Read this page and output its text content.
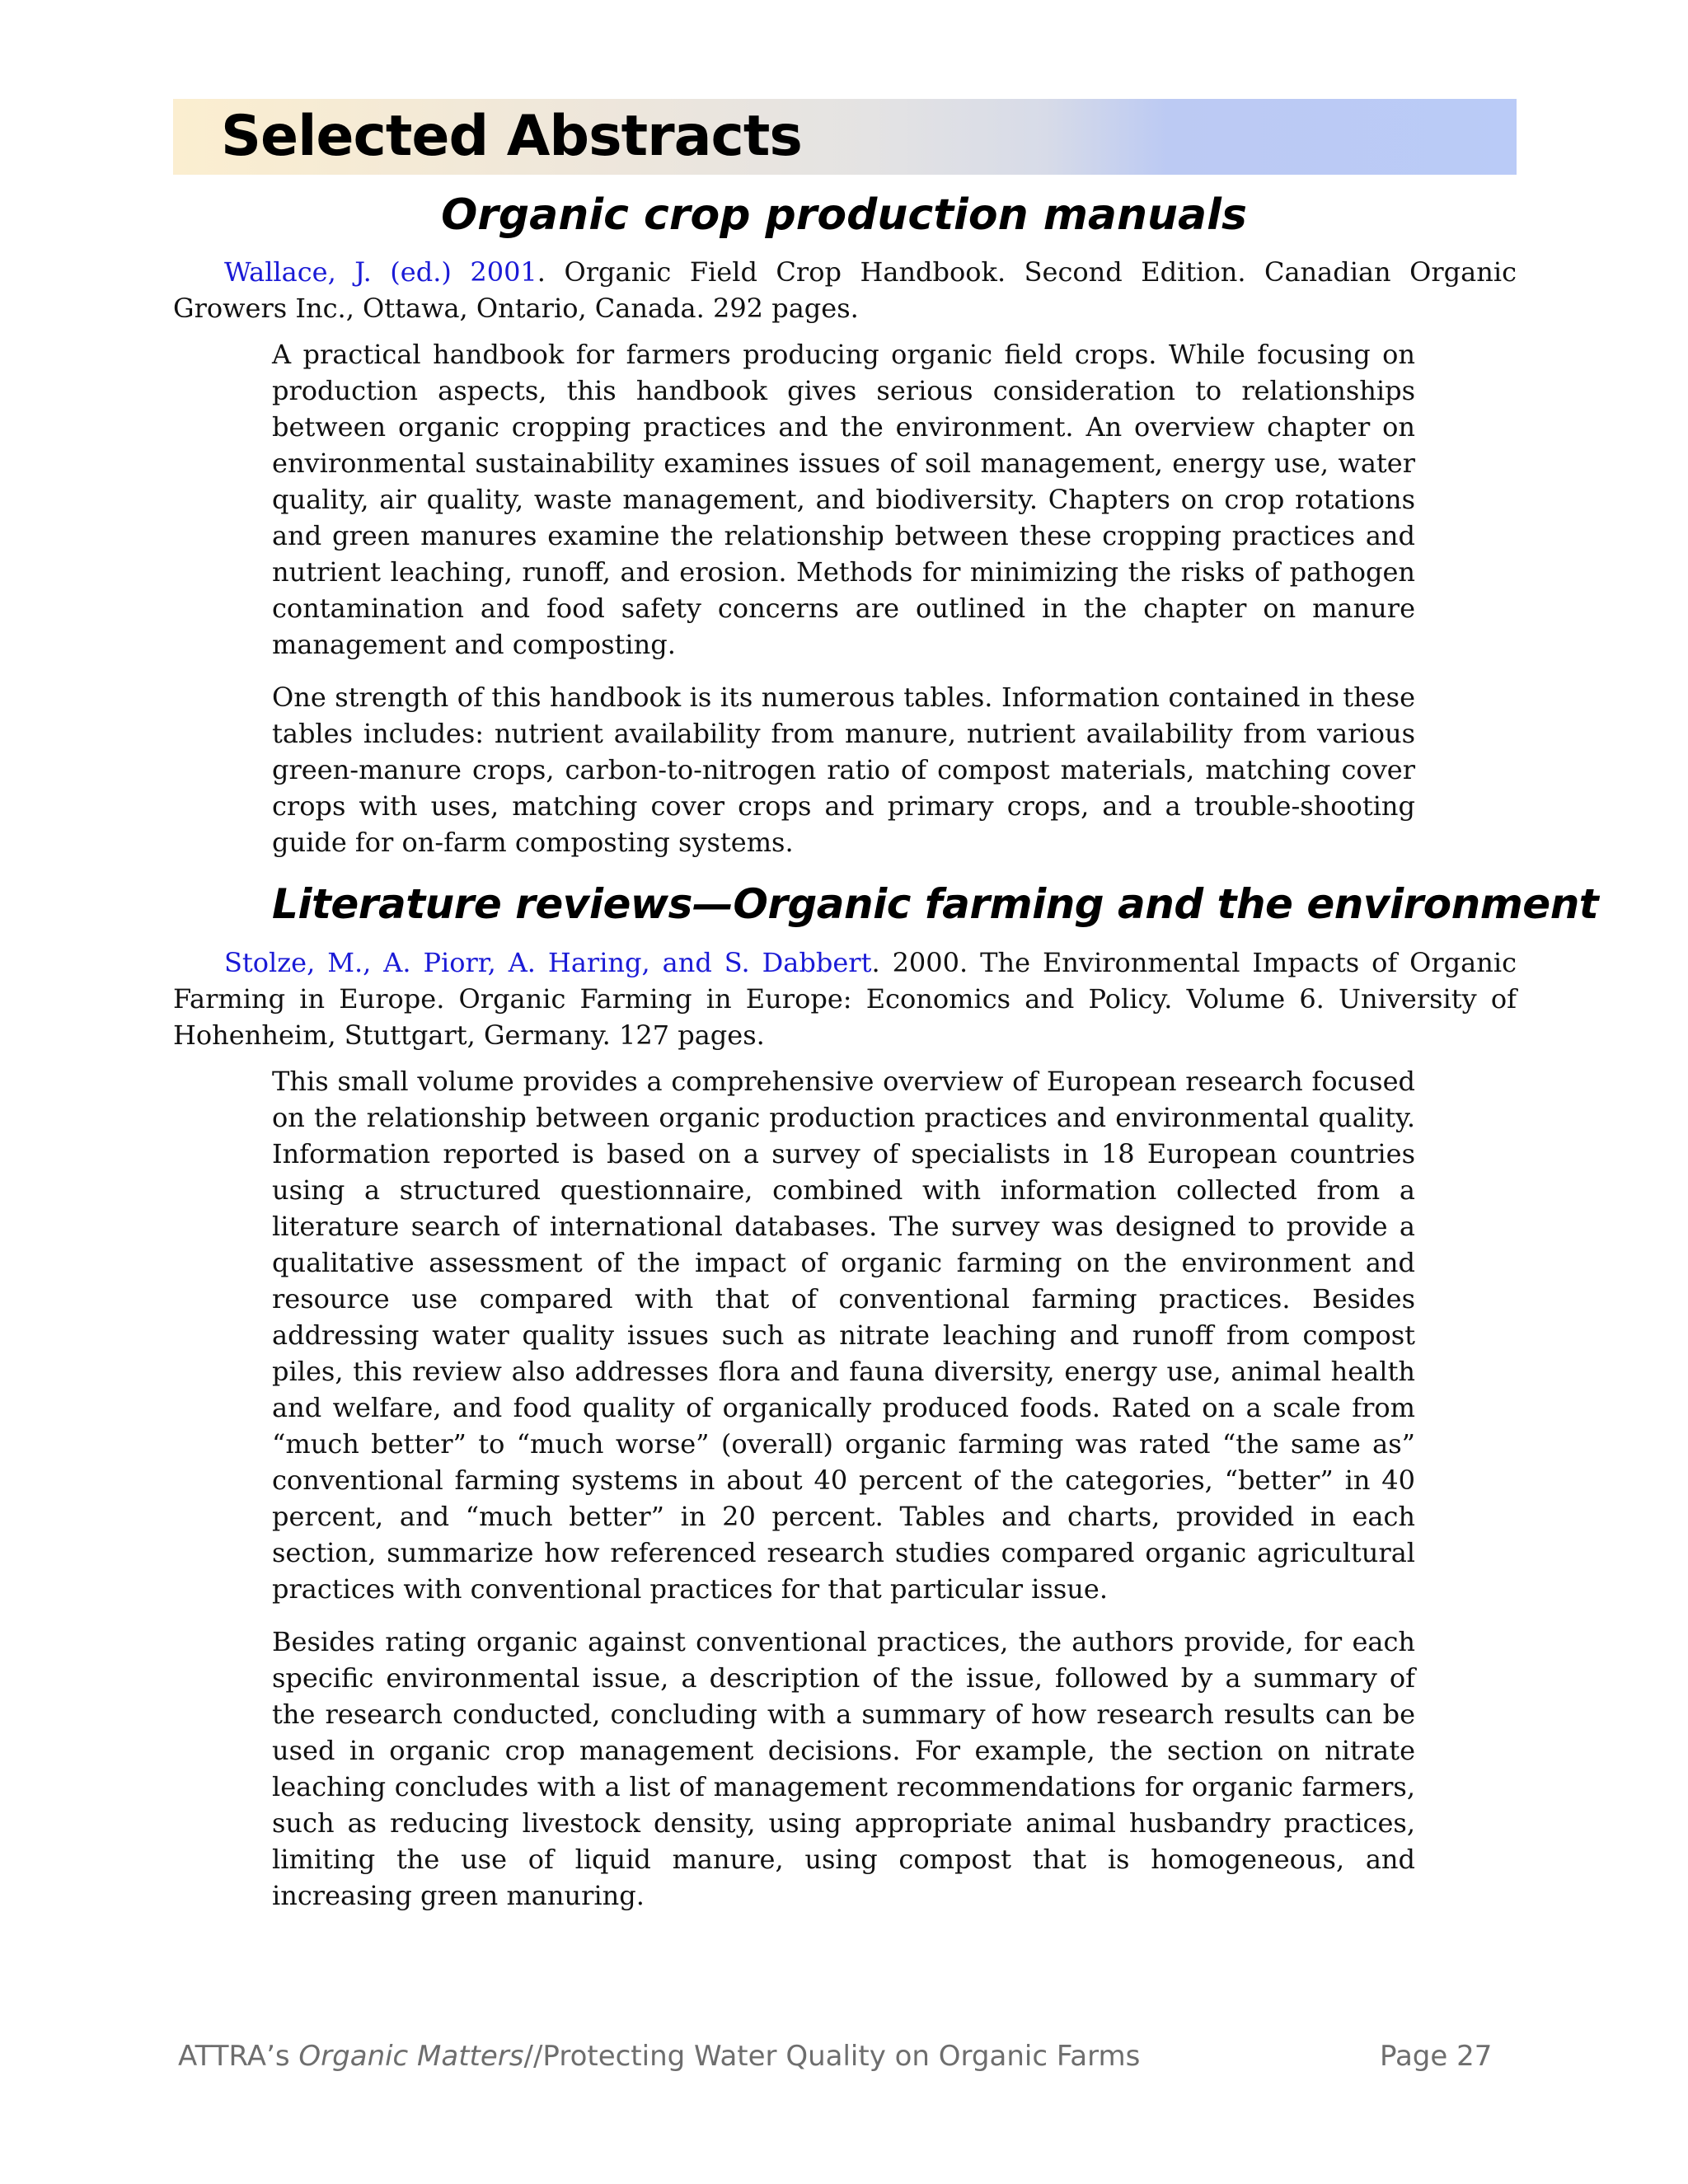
Selected Abstracts
Organic crop production manuals

Wallace, J. (ed.) 2001. Organic Field Crop Handbook. Second Edition. Canadian Organic Growers Inc., Ottawa, Ontario, Canada. 292 pages.

A practical handbook for farmers producing organic field crops. While focusing on production aspects, this handbook gives serious consideration to relationships between organic cropping practices and the environment. An overview chapter on environmental sustainability examines issues of soil management, energy use, water quality, air quality, waste management, and biodiversity. Chapters on crop rotations and green manures examine the relationship between these cropping practices and nutrient leaching, runoff, and erosion. Methods for minimizing the risks of pathogen contamination and food safety concerns are outlined in the chapter on manure management and composting.

One strength of this handbook is its numerous tables. Information contained in these tables includes: nutrient availability from manure, nutrient availability from various green-manure crops, carbon-to-nitrogen ratio of compost materials, matching cover crops with uses, matching cover crops and primary crops, and a trouble-shooting guide for on-farm composting systems.

Literature reviews—Organic farming and the environment

Stolze, M., A. Piorr, A. Haring, and S. Dabbert. 2000. The Environmental Impacts of Organic Farming in Europe. Organic Farming in Europe: Economics and Policy. Volume 6. University of Hohenheim, Stuttgart, Germany. 127 pages.

This small volume provides a comprehensive overview of European research focused on the relationship between organic production practices and environmental quality. Information reported is based on a survey of specialists in 18 European countries using a structured questionnaire, combined with information collected from a literature search of international databases. The survey was designed to provide a qualitative assessment of the impact of organic farming on the environment and resource use compared with that of conventional farming practices. Besides addressing water quality issues such as nitrate leaching and runoff from compost piles, this review also addresses flora and fauna diversity, energy use, animal health and welfare, and food quality of organically produced foods. Rated on a scale from “much better” to “much worse” (overall) organic farming was rated “the same as” conventional farming systems in about 40 percent of the categories, “better” in 40 percent, and “much better” in 20 percent. Tables and charts, provided in each section, summarize how referenced research studies compared organic agricultural practices with conventional practices for that particular issue.

Besides rating organic against conventional practices, the authors provide, for each specific environmental issue, a description of the issue, followed by a summary of the research conducted, concluding with a summary of how research results can be used in organic crop management decisions. For example, the section on nitrate leaching concludes with a list of management recommendations for organic farmers, such as reducing livestock density, using appropriate animal husbandry practices, limiting the use of liquid manure, using compost that is homogeneous, and increasing green manuring.

ATTRA’s Organic Matters//Protecting Water Quality on Organic Farms	Page 27
